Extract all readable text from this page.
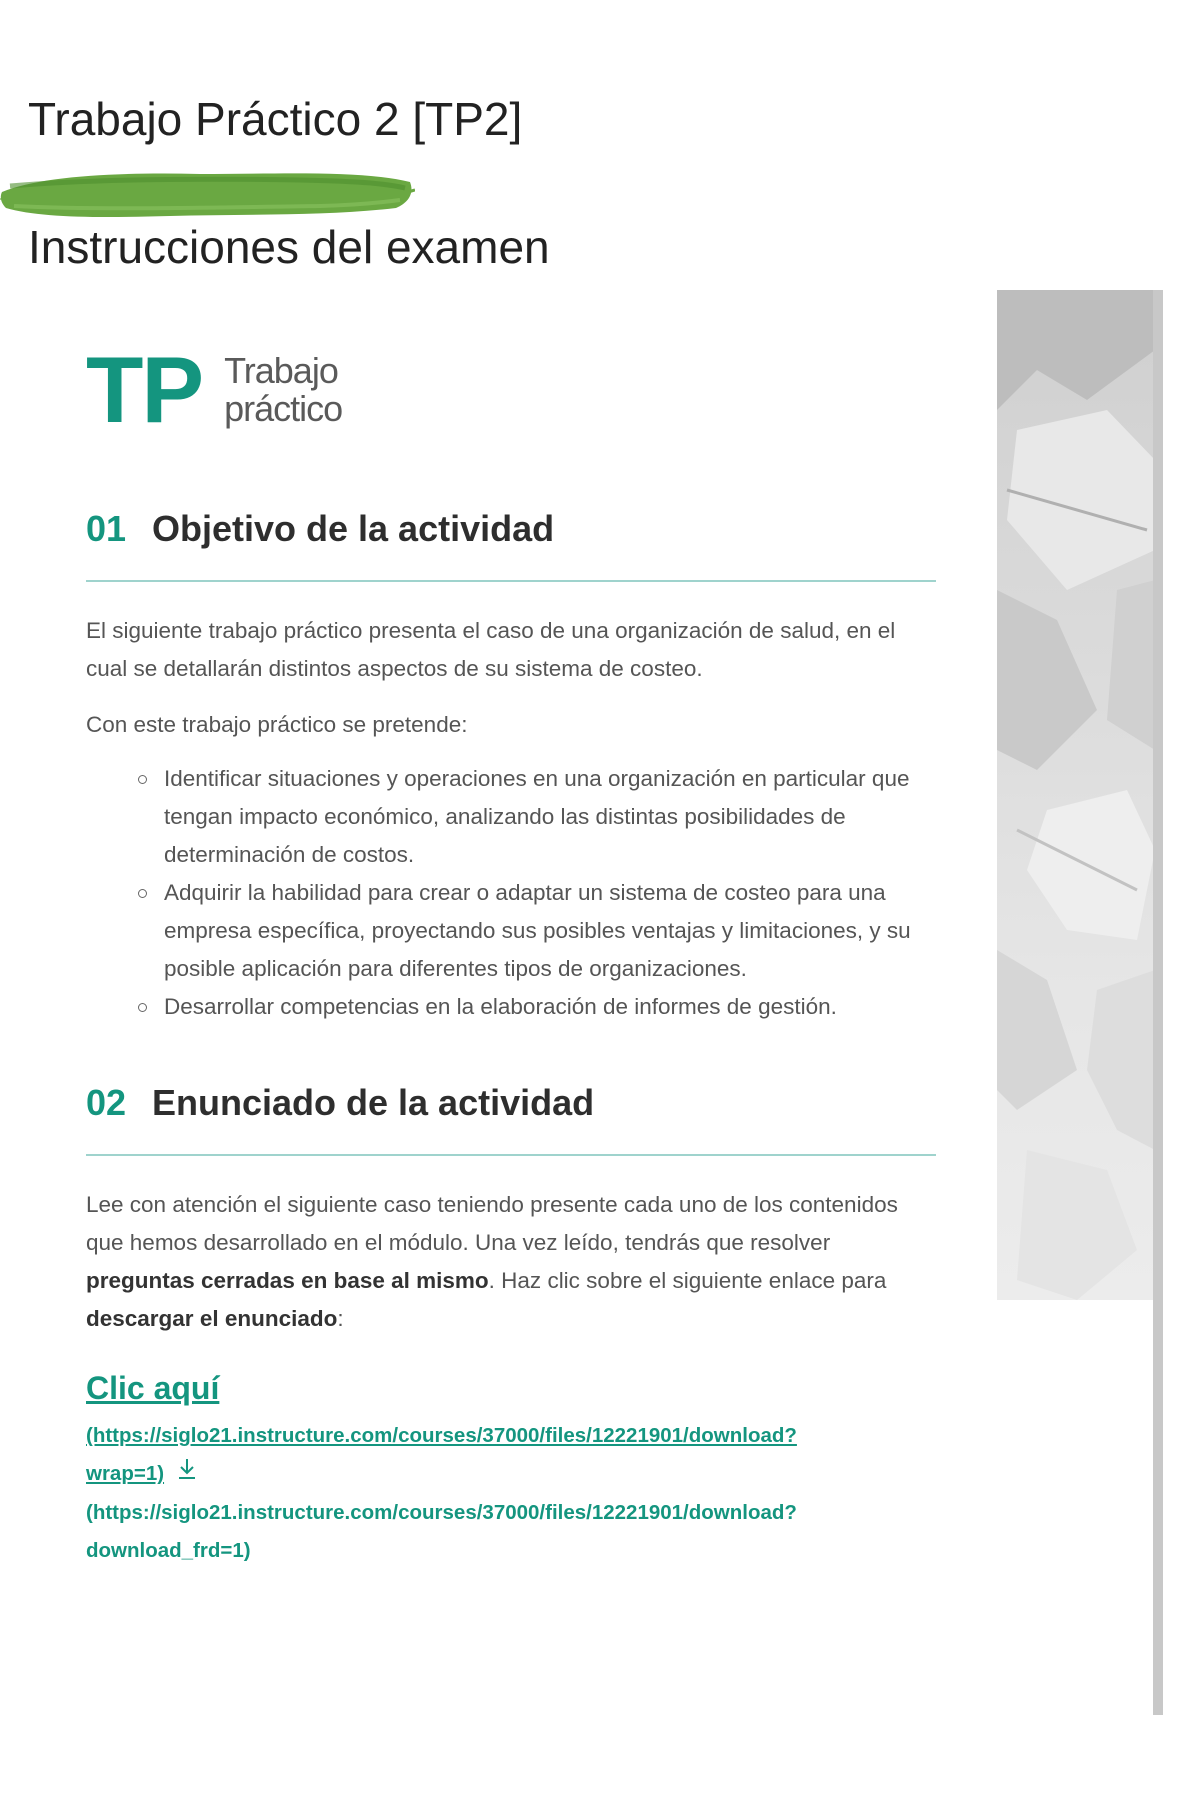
Trabajo Práctico 2 [TP2]
Instrucciones del examen
TP Trabajo
práctico
01 Objetivo de la actividad

El siguiente trabajo práctico presenta el caso de una organización de salud, en el cual se detallarán distintos aspectos de su sistema de costeo.

Con este trabajo práctico se pretende:

Identificar situaciones y operaciones en una organización en particular que tengan impacto económico, analizando las distintas posibilidades de determinación de costos.
Adquirir la habilidad para crear o adaptar un sistema de costeo para una empresa específica, proyectando sus posibles ventajas y limitaciones, y su posible aplicación para diferentes tipos de organizaciones.
Desarrollar competencias en la elaboración de informes de gestión.
02 Enunciado de la actividad

Lee con atención el siguiente caso teniendo presente cada uno de los contenidos que hemos desarrollado en el módulo. Una vez leído, tendrás que resolver preguntas cerradas en base al mismo. Haz clic sobre el siguiente enlace para descargar el enunciado:

Clic aquí
(https://siglo21.instructure.com/courses/37000/files/12221901/download?
wrap=1)
(https://siglo21.instructure.com/courses/37000/files/12221901/download?
download_frd=1)
